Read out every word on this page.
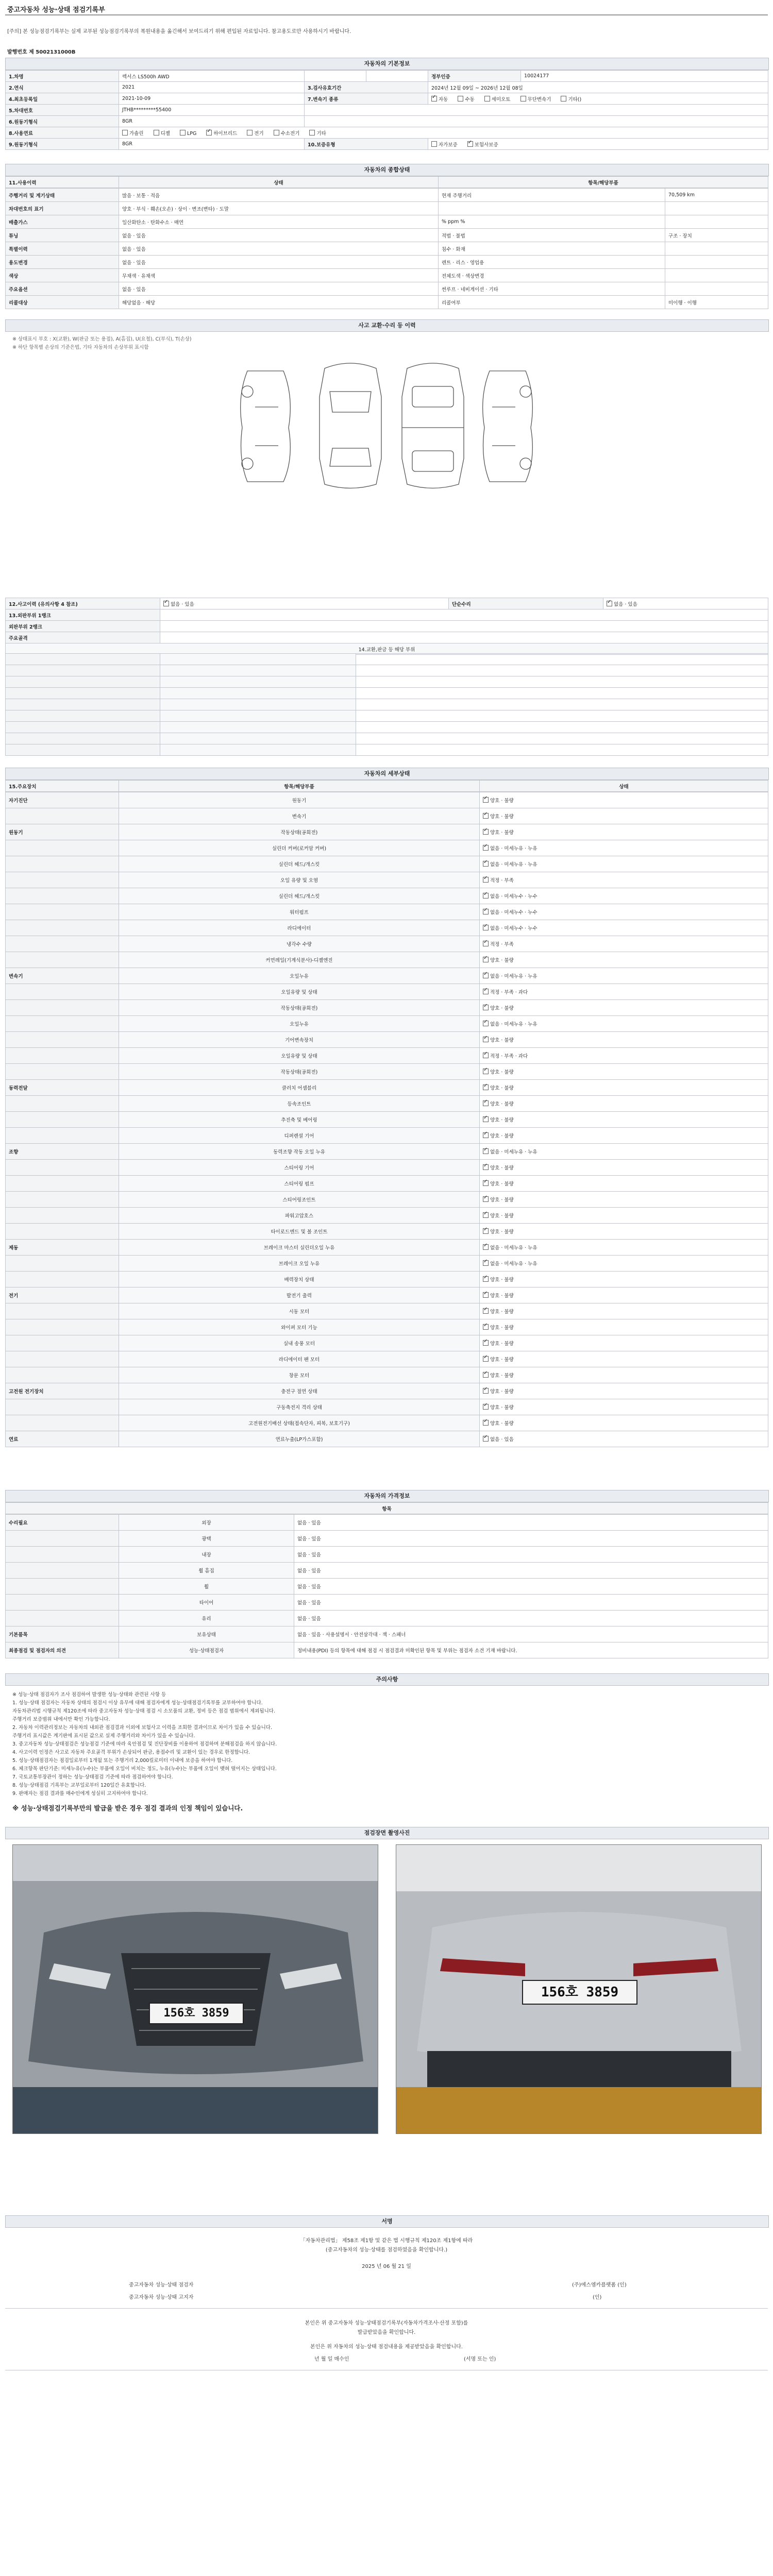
중고자동차 성능·상태 점검기록부
[주의] 본 성능점검기록부는 실제 교부된 성능점검기록부의 복원내용을 옮긴해서 보여드리기 위해 편입된 자료입니다. 참고용도로만 사용하시기 바랍니다.
발행번호 제 5002131000B
자동차의 기본정보
1.차명	렉서스 LS500h AWD			정부인증	10024177
2.연식	2021	3.검사유효기간		2024년 12월 09일 ~ 2026년 12월 08일	
4.최초등록일	2021-10-09	7.변속기 종류	✓자동 수동 세미오토 무단변속기 기타()
5.차대번호	JTHB*********55400				
6.원동기형식	8GR				
8.사용연료	가솔린 디젤 LPG ✓ 하이브리드 전기 수소전기 기타
9.원동기형식	8GR	10.보증유형		자가보증 ✓ 보험사보증
자동차의 종합상태
11.사용이력	상태	항목/해당부품
주행거리 및 계기상태	많음 · 보통 · 적음	현재 주행거리	70,509 km
차대번호의 표기	양호 · 부식 · 훼손(오손) · 상이 · 변조(변타) · 도말		
배출가스	일산화탄소 · 탄화수소 · 매연	% ppm %	
튜닝	없음 · 있음	적법 · 불법	구조 · 장치
특별이력	없음 · 있음	침수 · 화재	
용도변경	없음 · 있음	렌트 · 리스 · 영업용	
색상	무채색 · 유채색	전체도색 · 색상변경	
주요옵션	없음 · 있음	썬루프 · 네비게이션 · 기타	
리콜대상	해당없음 · 해당	리콜여부	미이행 · 이행
사고 교환·수리 등 이력
※ 상태표시 부호 : X(교환), W(판금 또는 용접), A(흠집), U(요철), C(부식), T(손상)
※ 하단 항목별 손상의 기준은법, 기타 자동차의 손상부위 표시함
12.사고이력 (유의사항 4 참조)	✓없음 · 있음	단순수리	✓없음 · 있음
13.외판부위 1랭크			
외판부위 2랭크			
주요골격			
14.교환,판금 등 해당 부위			

자동차의 세부상태
15.주요장치	항목/해당부품	상태
자기진단	원동기	✓양호 · 불량
	변속기	✓양호 · 불량
원동기	작동상태(공회전)	✓양호 · 불량
	실린더 커버(로커암 커버)	✓없음 · 미세누유 · 누유
	실린더 헤드/개스킷	✓없음 · 미세누유 · 누유
	오일 유량 및 오염	✓적정 · 부족
	실린더 헤드/개스킷	✓없음 · 미세누수 · 누수
	워터펌프	✓없음 · 미세누수 · 누수
	라디에이터	✓없음 · 미세누수 · 누수
	냉각수 수량	✓적정 · 부족
	커먼레일(기계식분사)-디젤엔진	✓양호 · 불량
변속기	오일누유	✓없음 · 미세누유 · 누유
	오일유량 및 상태	✓적정 · 부족 · 과다
	작동상태(공회전)	✓양호 · 불량
	오일누유	✓없음 · 미세누유 · 누유
	기어변속장치	✓양호 · 불량
	오일유량 및 상태	✓적정 · 부족 · 과다
	작동상태(공회전)	✓양호 · 불량
동력전달	클러치 어셈블리	✓양호 · 불량
	등속조인트	✓양호 · 불량
	추진축 및 베어링	✓양호 · 불량
	디퍼렌셜 기어	✓양호 · 불량
조향	동력조향 작동 오일 누유	✓없음 · 미세누유 · 누유
	스티어링 기어	✓양호 · 불량
	스티어링 펌프	✓양호 · 불량
	스티어링조인트	✓양호 · 불량
	파워고압호스	✓양호 · 불량
	타이로드엔드 및 볼 조인트	✓양호 · 불량
제동	브레이크 마스터 실린더오일 누유	✓없음 · 미세누유 · 누유
	브레이크 오일 누유	✓없음 · 미세누유 · 누유
	배력장치 상태	✓양호 · 불량
전기	발전기 출력	✓양호 · 불량
	시동 모터	✓양호 · 불량
	와이퍼 모터 기능	✓양호 · 불량
	실내 송풍 모터	✓양호 · 불량
	라디에이터 팬 모터	✓양호 · 불량
	창문 모터	✓양호 · 불량
고전원 전기장치	충전구 절연 상태	✓양호 · 불량
	구동축전지 격리 상태	✓양호 · 불량
	고전원전기배선 상태(접속단자, 피복, 보호기구)	✓양호 · 불량
연료	연료누출(LP가스포함)	✓없음 · 있음
자동차의 가격정보
항목
수리필요	외장	없음 · 있음
	광택	없음 · 있음
	내장	없음 · 있음
	휠 흠집	없음 · 있음
	휠	없음 · 있음
	타이어	없음 · 있음
	유리	없음 · 있음
기본품목	보유상태	없음 · 있음 · 사용설명서 · 안전삼각대 · 잭 · 스패너
최종점검 및 점검자의 의견	성능·상태점검자	정비내용(PDI) 등의 항목에 대해 점검 시 점검결과 미확인된 항목 및 부위는 점검자 소견 기재 바랍니다.
주의사항

※ 성능·상태 점검자가 조사 점검하여 발생한 성능·상태와 관련된 사항 등

1. 성능·상태 점검자는 자동차 상태의 점검시 이상 유무에 대해 점검자에게 성능·상태점검기록부를 교부하여야 합니다.

자동차관리법 시행규칙 제120조에 따라 중고자동차 성능·상태 점검 시 소모품의 교환, 정비 등은 점검 범위에서 제외됩니다.

주행거리 보증범위 내에서만 확인 가능합니다.

2. 자동차 이력관리정보는 자동차의 내외관 점검결과 이외에 보험사고 이력을 조회한 결과이므로 차이가 있을 수 있습니다.

주행거리 표시값은 계기판에 표시된 값으로 실제 주행거리와 차이가 있을 수 있습니다.

3. 중고자동차 성능·상태점검은 성능점검 기준에 따라 육안점검 및 진단장비를 이용하여 점검하며 분해점검을 하지 않습니다.

4. 사고이력 인정은 사고로 자동차 주요골격 부위가 손상되어 판금, 용접수리 및 교환이 있는 경우로 한정합니다.

5. 성능·상태점검자는 점검일로부터 1개월 또는 주행거리 2,000킬로미터 이내에 보증을 하여야 합니다.

6. 체크항목 판단기준: 미세누유(누수)는 부품에 오일이 비치는 정도, 누유(누수)는 부품에 오일이 맺혀 떨어지는 상태입니다.

7. 국토교통부장관이 정하는 성능·상태점검 기준에 따라 점검하여야 합니다.

8. 성능·상태점검 기록부는 교부일로부터 120일간 유효합니다.

9. 판매자는 점검 결과를 매수인에게 성실히 고지하여야 합니다.

※ 성능·상태점검기록부만의 발급을 받은 경우 점검 결과의 인정 책임이 있습니다.
점검장면 촬영사진
156호 3859
156호 3859
서명
「자동차관리법」 제58조 제1항 및 같은 법 시행규칙 제120조 제1항에 따라
(중고자동차의 성능·상태를 점검하였음을 확인합니다.)
2025 년 06 월 21 일
중고자동차 성능·상태 점검자	(주)에스엠카플랫폼 (인)
중고자동차 성능·상태 고지자	(인)
본인은 위 중고자동차 성능·상태점검기록부(자동차가격조사·산정 포함)를
발급받았음을 확인합니다.
본인은 위 자동차의 성능·상태 점검내용을 제공받았음을 확인합니다.
년 월 일 매수인	(서명 또는 인)
